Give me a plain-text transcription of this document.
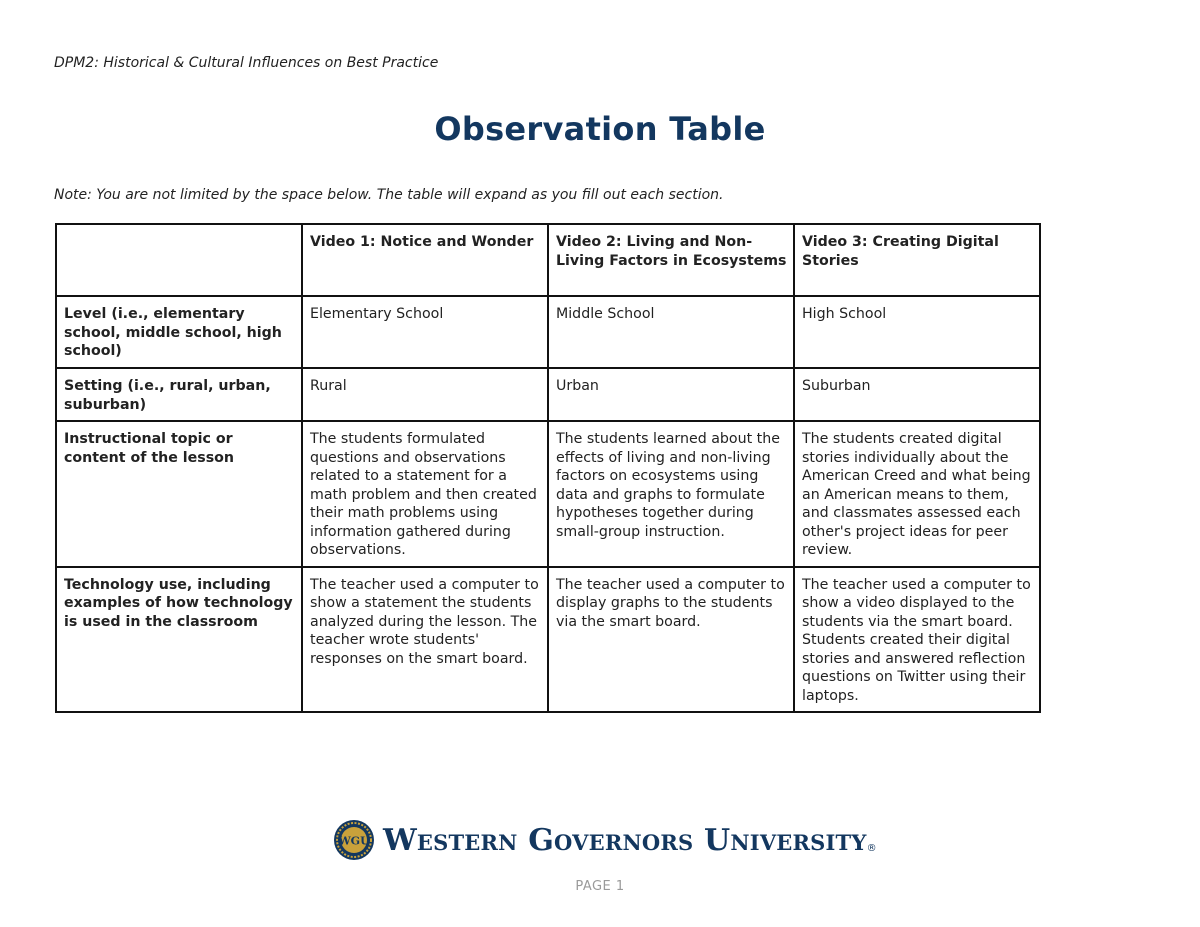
DPM2: Historical & Cultural Influences on Best Practice
Observation Table
Note: You are not limited by the space below. The table will expand as you fill out each section.
	Video 1: Notice and Wonder	Video 2: Living and Non-Living Factors in Ecosystems	Video 3: Creating Digital Stories
Level (i.e., elementary school, middle school, high school)	Elementary School	Middle School	High School
Setting (i.e., rural, urban, suburban)	Rural	Urban	Suburban
Instructional topic or content of the lesson	The students formulated questions and observations related to a statement for a math problem and then created their math problems using information gathered during observations.	The students learned about the effects of living and non-living factors on ecosystems using data and graphs to formulate hypotheses together during small-group instruction.	The students created digital stories individually about the American Creed and what being an American means to them, and classmates assessed each other's project ideas for peer review.
Technology use, including examples of how technology is used in the classroom	The teacher used a computer to show a statement the students analyzed during the lesson. The teacher wrote students' responses on the smart board.	The teacher used a computer to display graphs to the students via the smart board.	The teacher used a computer to show a video displayed to the students via the smart board. Students created their digital stories and answered reflection questions on Twitter using their laptops.
WGU Western Governors University ®
PAGE 1
